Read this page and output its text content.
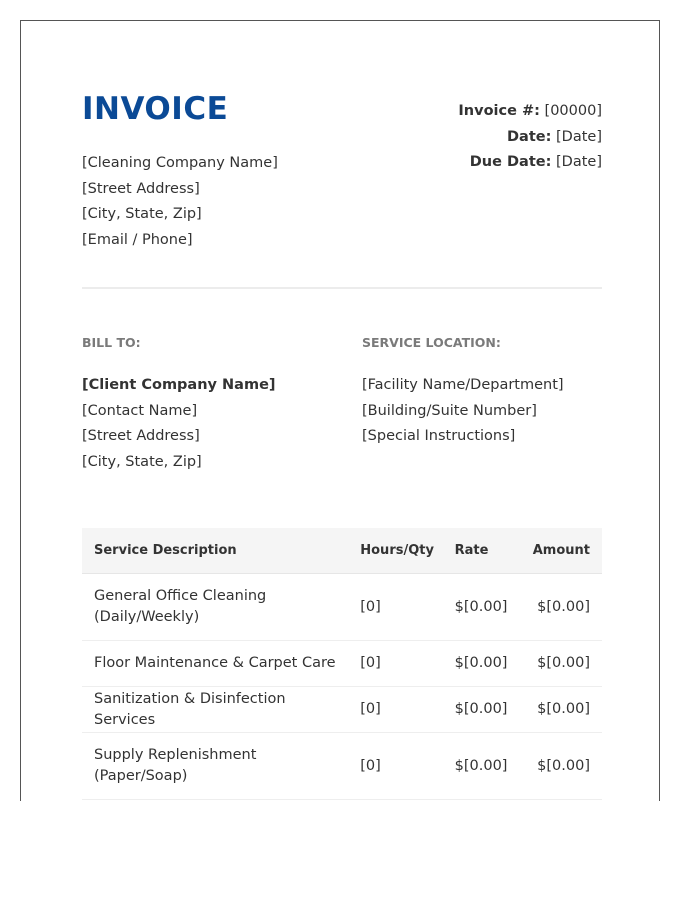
INVOICE
[Cleaning Company Name]
[Street Address]
[City, State, Zip]
[Email / Phone]
Invoice #: [00000]
Date: [Date]
Due Date: [Date]
BILL TO:	SERVICE LOCATION:
[Client Company Name]
[Contact Name]
[Street Address]
[City, State, Zip]
[Facility Name/Department]
[Building/Suite Number]
[Special Instructions]
Service Description	Hours/Qty	Rate	Amount

General Office Cleaning
(Daily/Weekly)	[0]	$[0.00]	$[0.00]

Floor Maintenance & Carpet Care	[0]	$[0.00]	$[0.00]

Sanitization & Disinfection Services	[0]	$[0.00]	$[0.00]

Supply Replenishment
(Paper/Soap)	[0]	$[0.00]	$[0.00]
